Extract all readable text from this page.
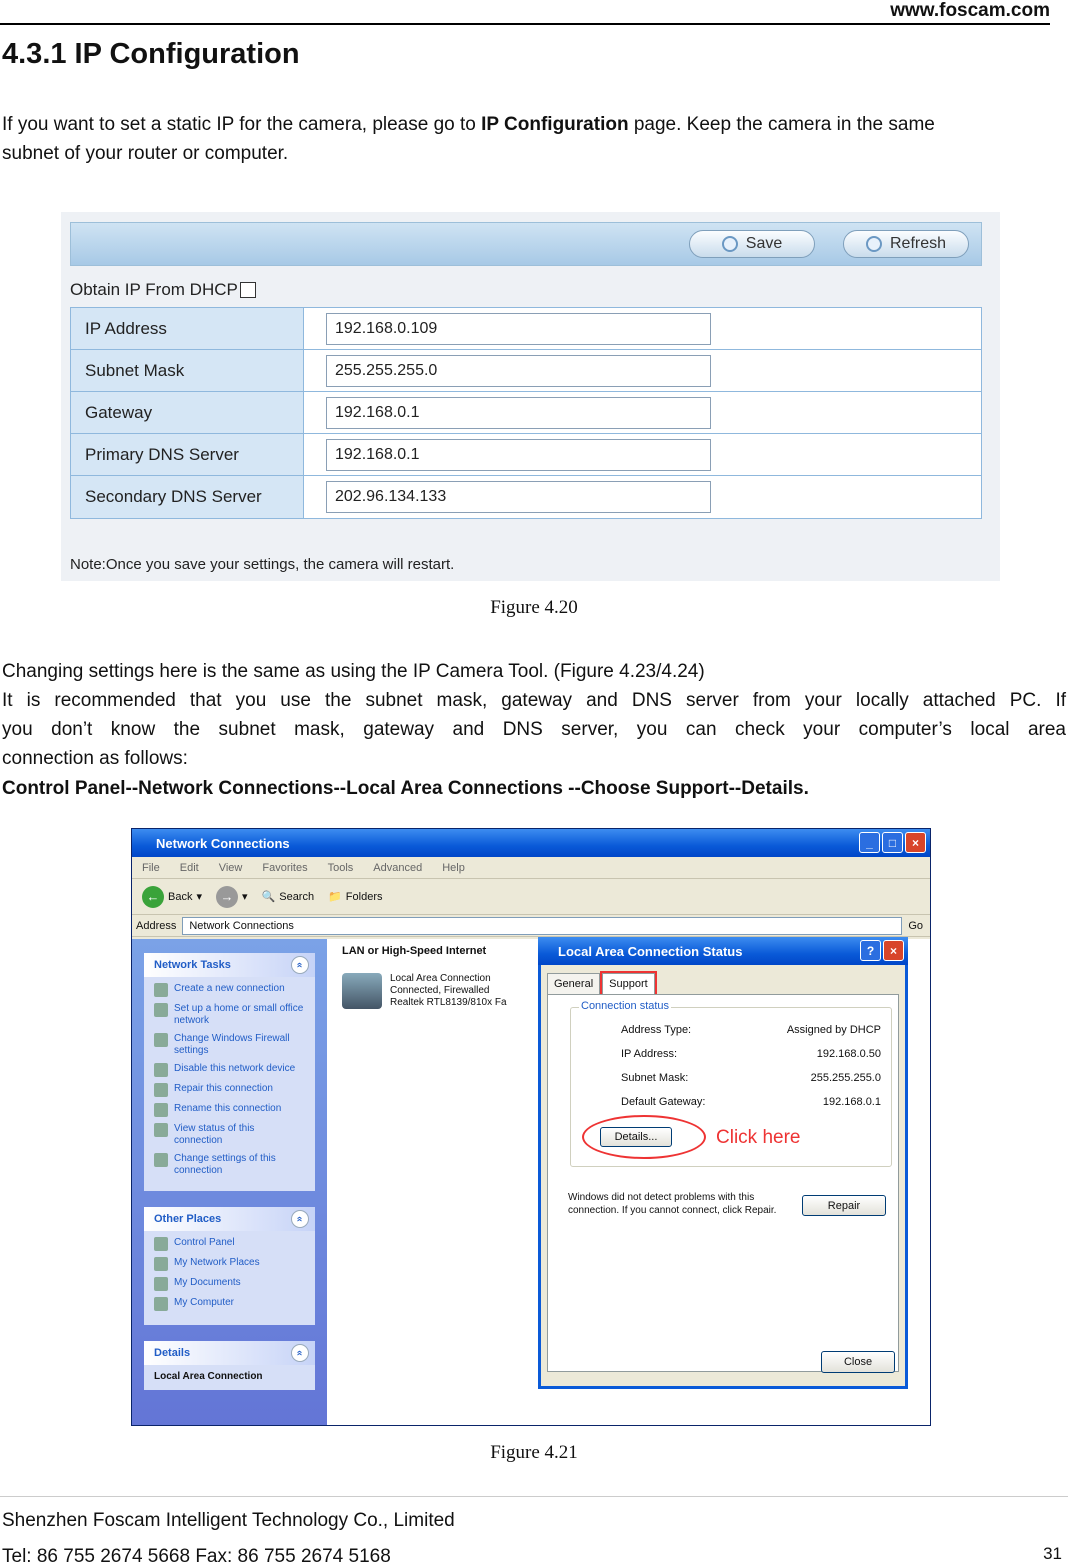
www.foscam.com
4.3.1 IP Configuration
If you want to set a static IP for the camera, please go to IP Configuration page. Keep the camera in the same
subnet of your router or computer.
Save	Refresh
Obtain IP From DHCP
IP Address	192.168.0.109
Subnet Mask	255.255.255.0
Gateway	192.168.0.1
Primary DNS Server	192.168.0.1
Secondary DNS Server	202.96.134.133
Note:Once you save your settings, the camera will restart.
Figure 4.20
Changing settings here is the same as using the IP Camera Tool. (Figure 4.23/4.24)
It is recommended that you use the subnet mask, gateway and DNS server from your locally attached PC. If
you don’t know the subnet mask, gateway and DNS server, you can check your computer’s local area
connection as follows:
Control Panel--Network Connections--Local Area Connections --Choose Support--Details.
Network Connections	_	□	×
File Edit View Favorites Tools Advanced Help
← Back ▾	→ ▾ 🔍 Search 📁 Folders
Address	Network Connections	Go
Network Tasks «
Create a new connection
Set up a home or small office network
Change Windows Firewall settings
Disable this network device
Repair this connection
Rename this connection
View status of this connection
Change settings of this connection
Other Places «
Control Panel
My Network Places
My Documents
My Computer
Details «
Local Area Connection
LAN or High-Speed Internet
Local Area Connection
Connected, Firewalled
Realtek RTL8139/810x Fa
Local Area Connection Status	?	×
General	Support
Connection status
Address Type:	Assigned by DHCP
IP Address:	192.168.0.50
Subnet Mask:	255.255.255.0
Default Gateway:	192.168.0.1
Details...	Click here
Windows did not detect problems with this connection. If you cannot connect, click Repair.	Repair
Close
Figure 4.21
Shenzhen Foscam Intelligent Technology Co., Limited
Tel: 86 755 2674 5668 Fax: 86 755 2674 5168	31
